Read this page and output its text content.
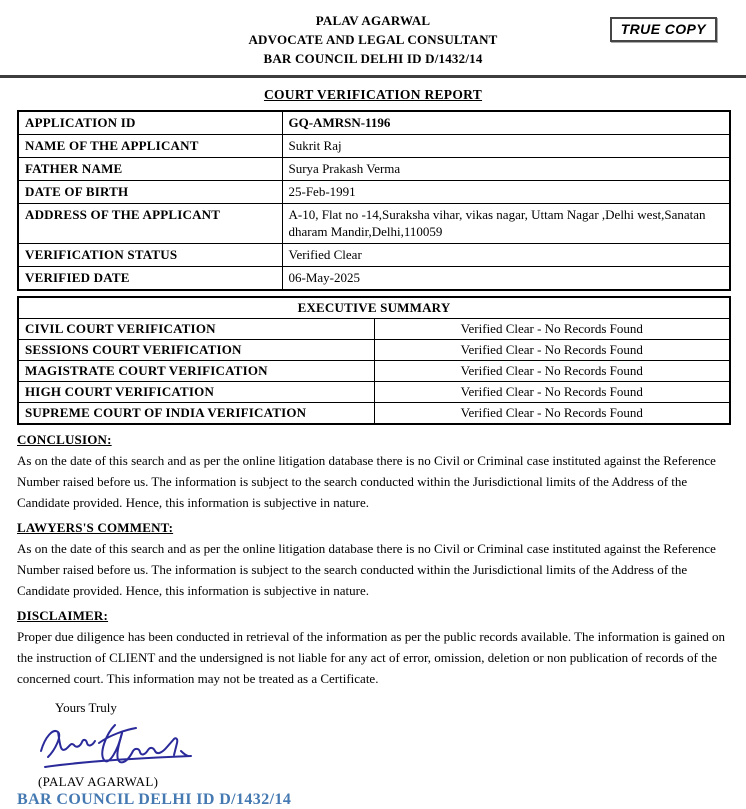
PALAV AGARWAL
ADVOCATE AND LEGAL CONSULTANT
BAR COUNCIL DELHI ID D/1432/14
TRUE COPY
COURT VERIFICATION REPORT
APPLICATION ID	GQ-AMRSN-1196
NAME OF THE APPLICANT	Sukrit Raj
FATHER NAME	Surya Prakash Verma
DATE OF BIRTH	25-Feb-1991
ADDRESS OF THE APPLICANT	A-10, Flat no -14,Suraksha vihar, vikas nagar, Uttam Nagar ,Delhi west,Sanatan dharam Mandir,Delhi,110059
VERIFICATION STATUS	Verified Clear
VERIFIED DATE	06-May-2025
EXECUTIVE SUMMARY	
CIVIL COURT VERIFICATION	Verified Clear - No Records Found
SESSIONS COURT VERIFICATION	Verified Clear - No Records Found
MAGISTRATE COURT VERIFICATION	Verified Clear - No Records Found
HIGH COURT VERIFICATION	Verified Clear - No Records Found
SUPREME COURT OF INDIA VERIFICATION	Verified Clear - No Records Found
CONCLUSION:

As on the date of this search and as per the online litigation database there is no Civil or Criminal case instituted against the Reference Number raised before us. The information is subject to the search conducted within the Jurisdictional limits of the Address of the Candidate provided. Hence, this information is subjective in nature.

LAWYERS'S COMMENT:

As on the date of this search and as per the online litigation database there is no Civil or Criminal case instituted against the Reference Number raised before us. The information is subject to the search conducted within the Jurisdictional limits of the Address of the Candidate provided. Hence, this information is subjective in nature.

DISCLAIMER:

Proper due diligence has been conducted in retrieval of the information as per the public records available. The information is gained on the instruction of CLIENT and the undersigned is not liable for any act of error, omission, deletion or non publication of records of the concerned court. This information may not be treated as a Certificate.

Yours Truly
(PALAV AGARWAL)
BAR COUNCIL DELHI ID D/1432/14
